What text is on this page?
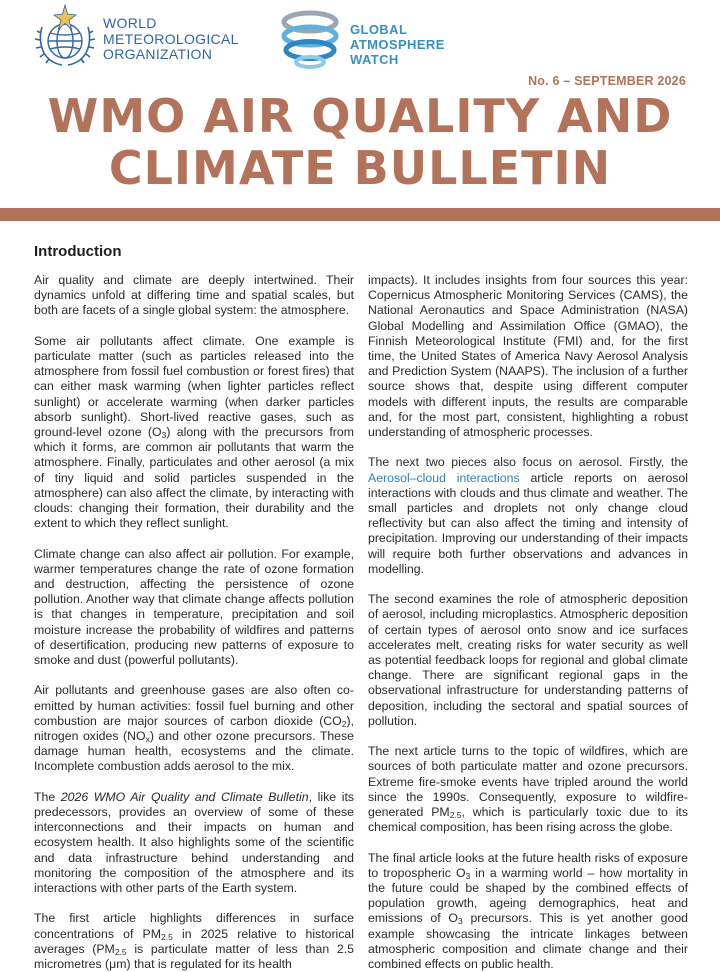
WORLD
METEOROLOGICAL
ORGANIZATION
GLOBAL
ATMOSPHERE
WATCH
No. 6 – SEPTEMBER 2026
WMO AIR QUALITY AND
CLIMATE BULLETIN
Introduction

Air quality and climate are deeply intertwined. Their dynamics unfold at differing time and spatial scales, but both are facets of a single global system: the atmosphere.

Some air pollutants affect climate. One example is particulate matter (such as particles released into the atmosphere from fossil fuel combustion or forest fires) that can either mask warming (when lighter particles reflect sunlight) or accelerate warming (when darker particles absorb sunlight). Short-lived reactive gases, such as ground-level ozone $(O_3)$ along with the precursors from which it forms, are common air pollutants that warm the atmosphere. Finally, particulates and other aerosol (a mix of tiny liquid and solid particles suspended in the atmosphere) can also affect the climate, by interacting with clouds: changing their formation, their durability and the extent to which they reflect sunlight.

Climate change can also affect air pollution. For example, warmer temperatures change the rate of ozone formation and destruction, affecting the persistence of ozone pollution. Another way that climate change affects pollution is that changes in temperature, precipitation and soil moisture increase the probability of wildfires and patterns of desertification, producing new patterns of exposure to smoke and dust (powerful pollutants).

Air pollutants and greenhouse gases are also often co-emitted by human activities: fossil fuel burning and other combustion are major sources of carbon dioxide $(CO_2)$, nitrogen oxides $(NO_x)$ and other ozone precursors. These damage human health, ecosystems and the climate. Incomplete combustion adds aerosol to the mix.

The 2026 WMO Air Quality and Climate Bulletin, like its predecessors, provides an overview of some of these interconnections and their impacts on human and ecosystem health. It also highlights some of the scientific and data infrastructure behind understanding and monitoring the composition of the atmosphere and its interactions with other parts of the Earth system.

The first article highlights differences in surface concentrations of $PM_{2.5}$ in 2025 relative to historical averages ($PM_{2.5}$ is particulate matter of less than 2.5 micrometres (μm) that is regulated for its health

impacts). It includes insights from four sources this year: Copernicus Atmospheric Monitoring Services (CAMS), the National Aeronautics and Space Administration (NASA) Global Modelling and Assimilation Office (GMAO), the Finnish Meteorological Institute (FMI) and, for the first time, the United States of America Navy Aerosol Analysis and Prediction System (NAAPS). The inclusion of a further source shows that, despite using different computer models with different inputs, the results are comparable and, for the most part, consistent, highlighting a robust understanding of atmospheric processes.

The next two pieces also focus on aerosol. Firstly, the Aerosol–cloud interactions article reports on aerosol interactions with clouds and thus climate and weather. The small particles and droplets not only change cloud reflectivity but can also affect the timing and intensity of precipitation. Improving our understanding of their impacts will require both further observations and advances in modelling.

The second examines the role of atmospheric deposition of aerosol, including microplastics. Atmospheric deposition of certain types of aerosol onto snow and ice surfaces accelerates melt, creating risks for water security as well as potential feedback loops for regional and global climate change. There are significant regional gaps in the observational infrastructure for understanding patterns of deposition, including the sectoral and spatial sources of pollution.

The next article turns to the topic of wildfires, which are sources of both particulate matter and ozone precursors. Extreme fire-smoke events have tripled around the world since the 1990s. Consequently, exposure to wildfire-generated $PM_{2.5}$, which is particularly toxic due to its chemical composition, has been rising across the globe.

The final article looks at the future health risks of exposure to tropospheric $O_3$ in a warming world – how mortality in the future could be shaped by the combined effects of population growth, ageing demographics, heat and emissions of $O_3$ precursors. This is yet another good example showcasing the intricate linkages between atmospheric composition and climate change and their combined effects on public health.
